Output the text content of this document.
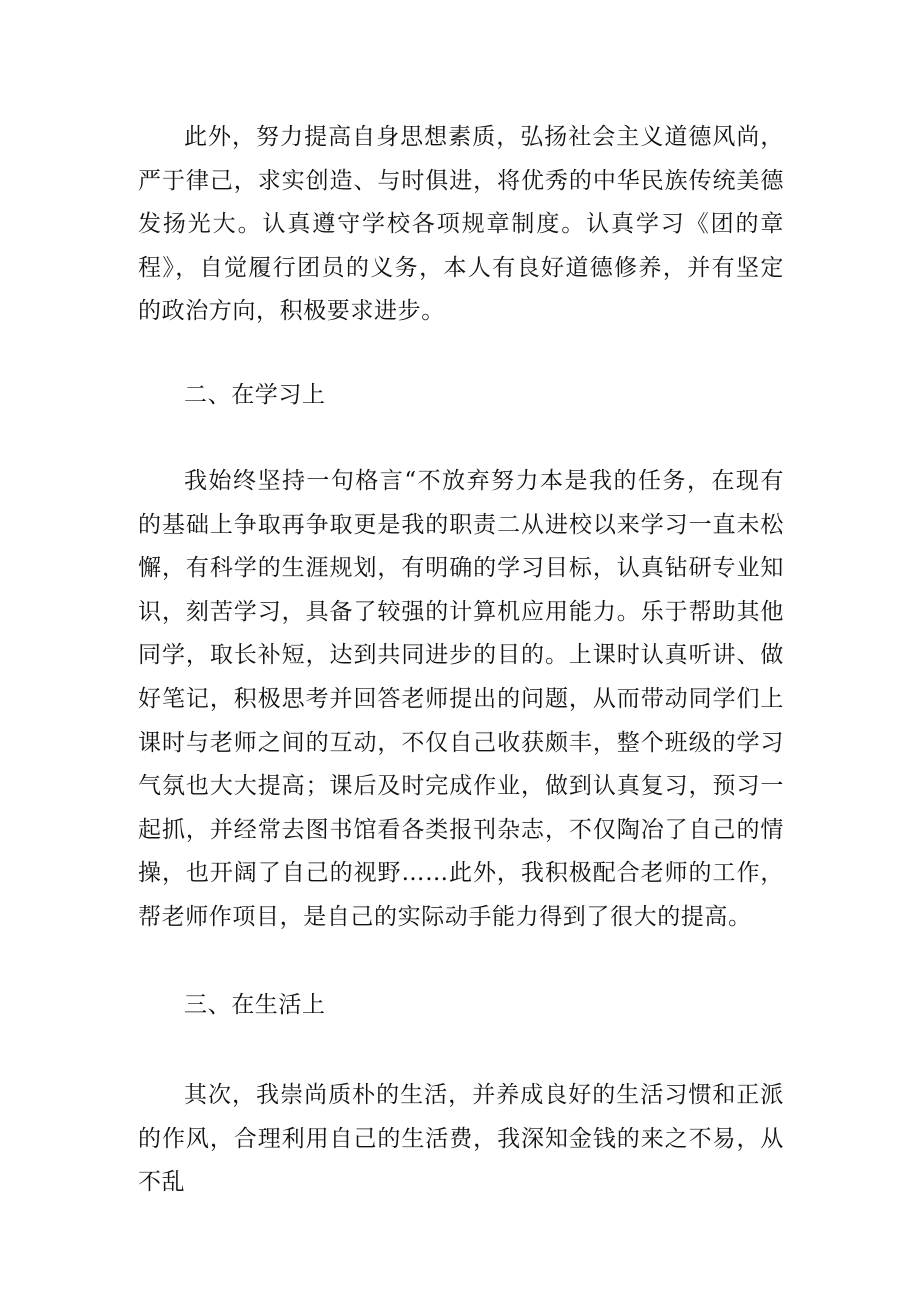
此外，努力提高自身思想素质，弘扬社会主义道德风尚，严于律己，求实创造、与时俱进，将优秀的中华民族传统美德发扬光大。认真遵守学校各项规章制度。认真学习《团的章程》，自觉履行团员的义务，本人有良好道德修养，并有坚定的政治方向，积极要求进步。

二、在学习上

我始终坚持一句格言“不放弃努力本是我的任务，在现有的基础上争取再争取更是我的职责二从进校以来学习一直未松懈，有科学的生涯规划，有明确的学习目标，认真钻研专业知识，刻苦学习，具备了较强的计算机应用能力。乐于帮助其他同学，取长补短，达到共同进步的目的。上课时认真听讲、做好笔记，积极思考并回答老师提出的问题，从而带动同学们上课时与老师之间的互动，不仅自己收获颇丰，整个班级的学习气氛也大大提高；课后及时完成作业，做到认真复习，预习一起抓，并经常去图书馆看各类报刊杂志，不仅陶冶了自己的情操，也开阔了自己的视野……此外，我积极配合老师的工作，帮老师作项目，是自己的实际动手能力得到了很大的提高。

三、在生活上

其次，我崇尚质朴的生活，并养成良好的生活习惯和正派的作风，合理利用自己的生活费，我深知金钱的来之不易，从不乱
